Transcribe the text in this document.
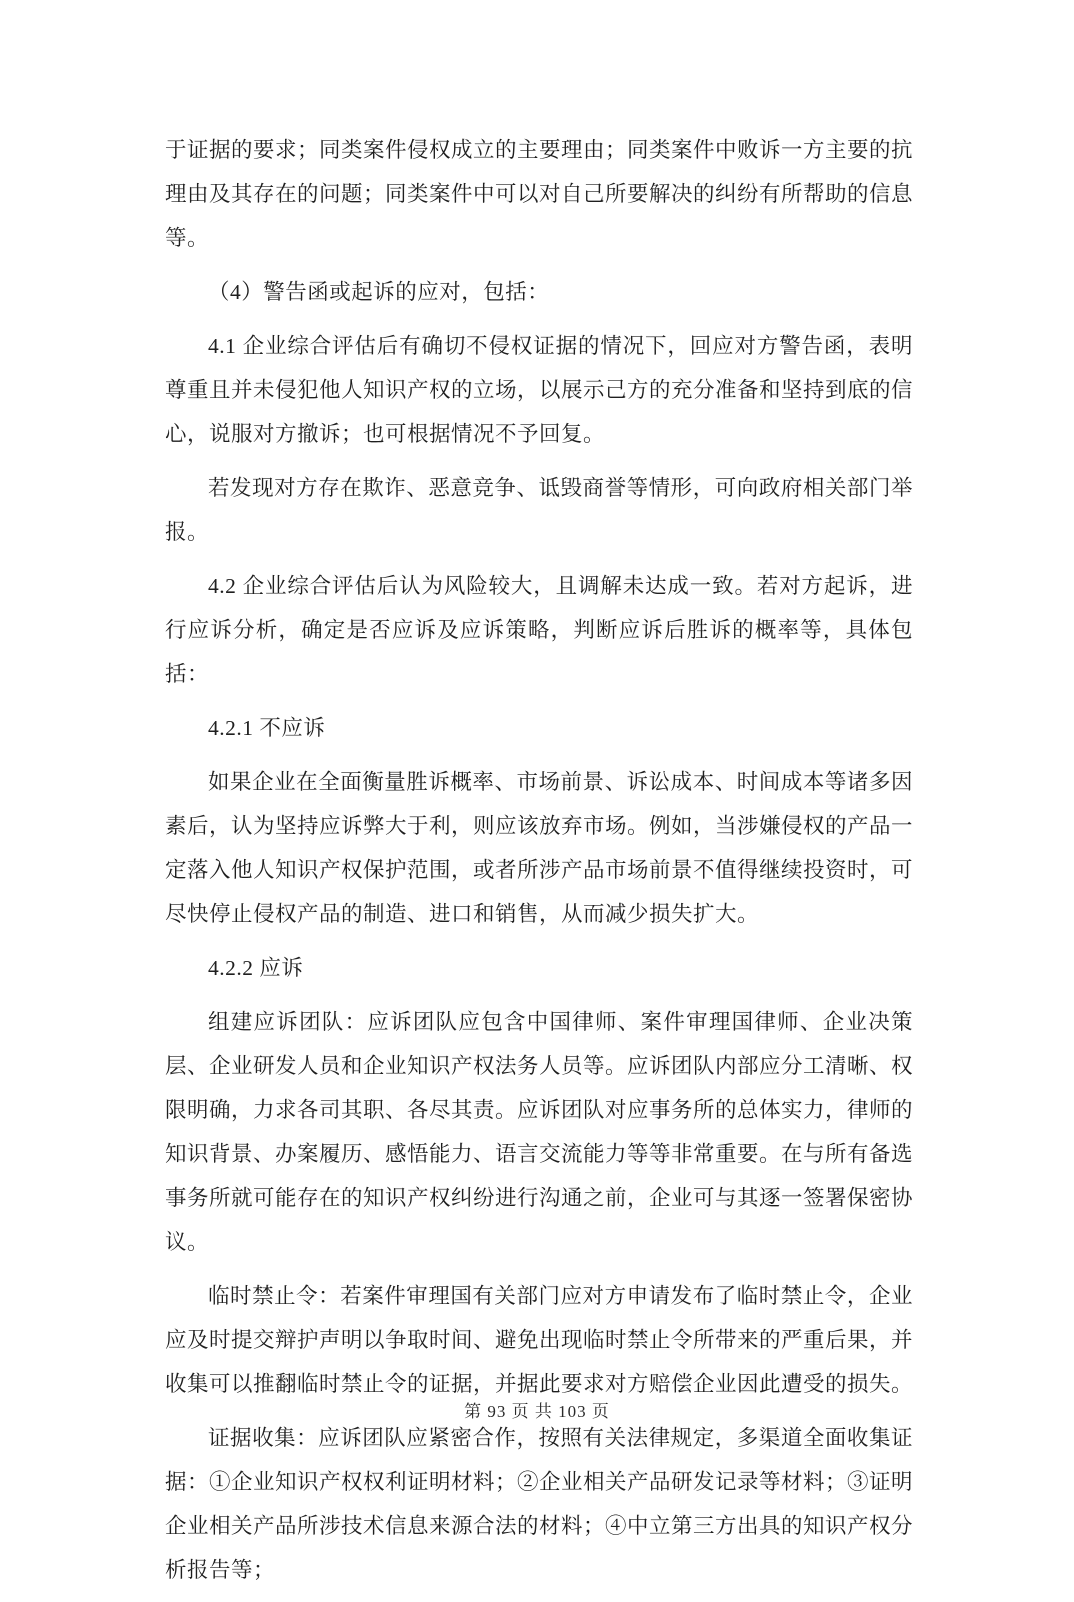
于证据的要求；同类案件侵权成立的主要理由；同类案件中败诉一方主要的抗理由及其存在的问题；同类案件中可以对自己所要解决的纠纷有所帮助的信息等。

（4）警告函或起诉的应对，包括：

4.1 企业综合评估后有确切不侵权证据的情况下，回应对方警告函，表明尊重且并未侵犯他人知识产权的立场，以展示己方的充分准备和坚持到底的信心，说服对方撤诉；也可根据情况不予回复。

若发现对方存在欺诈、恶意竞争、诋毁商誉等情形，可向政府相关部门举报。

4.2 企业综合评估后认为风险较大，且调解未达成一致。若对方起诉，进行应诉分析，确定是否应诉及应诉策略，判断应诉后胜诉的概率等，具体包括：

4.2.1 不应诉

如果企业在全面衡量胜诉概率、市场前景、诉讼成本、时间成本等诸多因素后，认为坚持应诉弊大于利，则应该放弃市场。例如，当涉嫌侵权的产品一定落入他人知识产权保护范围，或者所涉产品市场前景不值得继续投资时，可尽快停止侵权产品的制造、进口和销售，从而减少损失扩大。

4.2.2 应诉

组建应诉团队：应诉团队应包含中国律师、案件审理国律师、企业决策层、企业研发人员和企业知识产权法务人员等。应诉团队内部应分工清晰、权限明确，力求各司其职、各尽其责。应诉团队对应事务所的总体实力，律师的知识背景、办案履历、感悟能力、语言交流能力等等非常重要。在与所有备选事务所就可能存在的知识产权纠纷进行沟通之前，企业可与其逐一签署保密协议。

临时禁止令：若案件审理国有关部门应对方申请发布了临时禁止令，企业应及时提交辩护声明以争取时间、避免出现临时禁止令所带来的严重后果，并收集可以推翻临时禁止令的证据，并据此要求对方赔偿企业因此遭受的损失。

证据收集：应诉团队应紧密合作，按照有关法律规定，多渠道全面收集证据：①企业知识产权权利证明材料；②企业相关产品研发记录等材料；③证明企业相关产品所涉技术信息来源合法的材料；④中立第三方出具的知识产权分析报告等；

第 93 页 共 103 页
